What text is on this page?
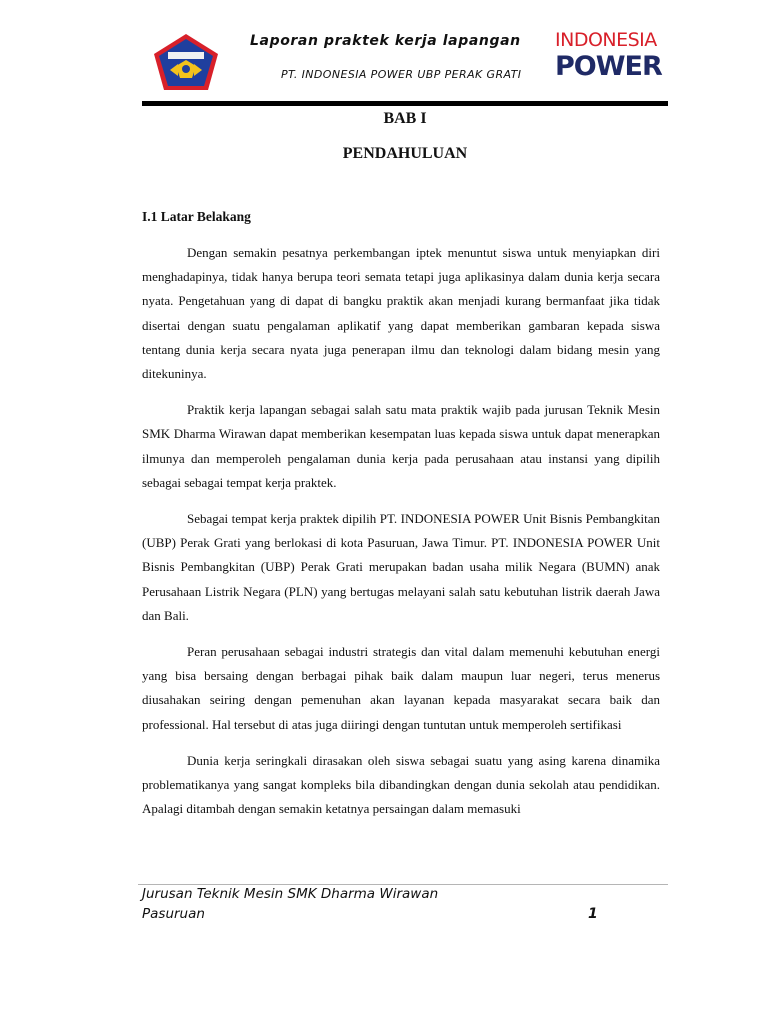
Laporan praktek kerja lapangan
PT. INDONESIA POWER UBP PERAK GRATI
INDONESIA
POWER
BAB I
PENDAHULUAN
I.1 Latar Belakang

Dengan semakin pesatnya perkembangan iptek menuntut siswa untuk menyiapkan diri menghadapinya, tidak hanya berupa teori semata tetapi juga aplikasinya dalam dunia kerja secara nyata. Pengetahuan yang di dapat di bangku praktik akan menjadi kurang bermanfaat jika tidak disertai dengan suatu pengalaman aplikatif yang dapat memberikan gambaran kepada siswa tentang dunia kerja secara nyata juga penerapan ilmu dan teknologi dalam bidang mesin yang ditekuninya.

Praktik kerja lapangan sebagai salah satu mata praktik wajib pada jurusan Teknik Mesin SMK Dharma Wirawan dapat memberikan kesempatan luas kepada siswa untuk dapat menerapkan ilmunya dan memperoleh pengalaman dunia kerja pada perusahaan atau instansi yang dipilih sebagai sebagai tempat kerja praktek.

Sebagai tempat kerja praktek dipilih PT. INDONESIA POWER Unit Bisnis Pembangkitan (UBP) Perak Grati yang berlokasi di kota Pasuruan, Jawa Timur. PT. INDONESIA POWER Unit Bisnis Pembangkitan (UBP) Perak Grati merupakan badan usaha milik Negara (BUMN) anak Perusahaan Listrik Negara (PLN) yang bertugas melayani salah satu kebutuhan listrik daerah Jawa dan Bali.

Peran perusahaan sebagai industri strategis dan vital dalam memenuhi kebutuhan energi yang bisa bersaing dengan berbagai pihak baik dalam maupun luar negeri, terus menerus diusahakan seiring dengan pemenuhan akan layanan kepada masyarakat secara baik dan professional. Hal tersebut di atas juga diiringi dengan tuntutan untuk memperoleh sertifikasi

Dunia kerja seringkali dirasakan oleh siswa sebagai suatu yang asing karena dinamika problematikanya yang sangat kompleks bila dibandingkan dengan dunia sekolah atau pendidikan. Apalagi ditambah dengan semakin ketatnya persaingan dalam memasuki

Jurusan Teknik Mesin SMK Dharma Wirawan Pasuruan	1
